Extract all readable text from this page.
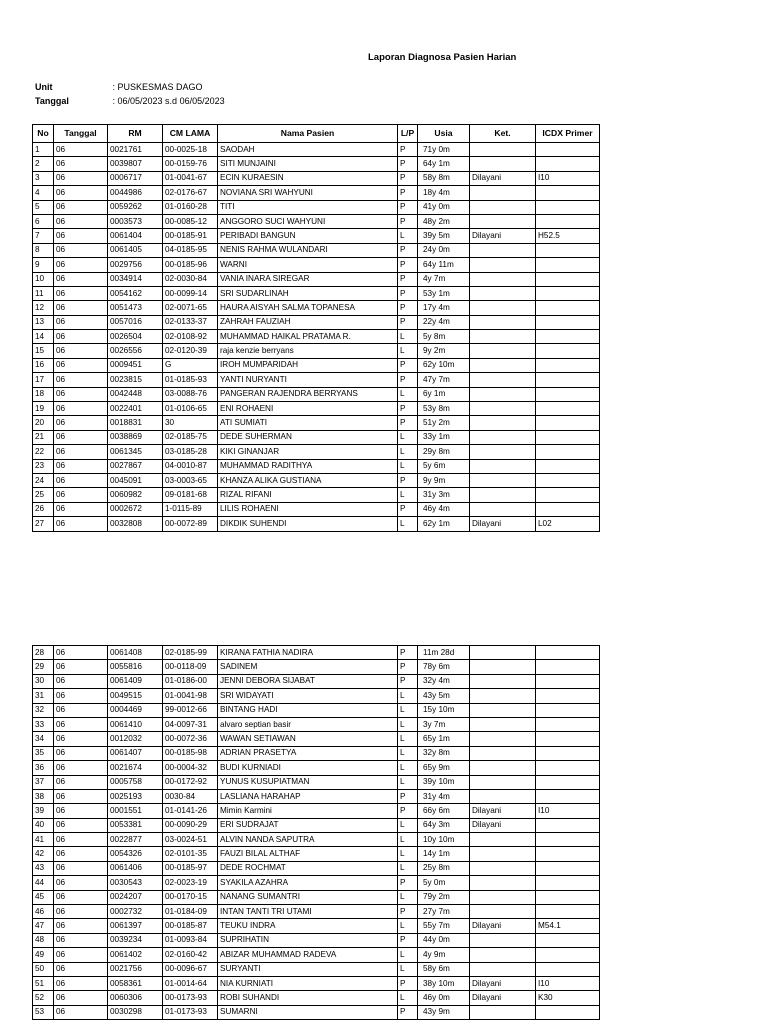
Laporan Diagnosa Pasien Harian
Unit	: PUSKESMAS DAGO
Tanggal	: 06/05/2023 s.d 06/05/2023
No	Tanggal	RM	CM LAMA	Nama Pasien	L/P	Usia	Ket.	ICDX Primer
1	06	0021761	00-0025-18	SAODAH	P	71y 0m		
2	06	0039807	00-0159-76	SITI MUNJAINI	P	64y 1m		
3	06	0006717	01-0041-67	ECIN KURAESIN	P	58y 8m	Dilayani	I10
4	06	0044986	02-0176-67	NOVIANA SRI WAHYUNI	P	18y 4m		
5	06	0059262	01-0160-28	TITI	P	41y 0m		
6	06	0003573	00-0085-12	ANGGORO SUCI WAHYUNI	P	48y 2m		
7	06	0061404	00-0185-91	PERIBADI BANGUN	L	39y 5m	Dilayani	H52.5
8	06	0061405	04-0185-95	NENIS RAHMA WULANDARI	P	24y 0m		
9	06	0029756	00-0185-96	WARNI	P	64y 11m		
10	06	0034914	02-0030-84	VANIA INARA SIREGAR	P	4y 7m		
11	06	0054162	00-0099-14	SRI SUDARLINAH	P	53y 1m		
12	06	0051473	02-0071-65	HAURA AISYAH SALMA TOPANESA	P	17y 4m		
13	06	0057016	02-0133-37	ZAHRAH FAUZIAH	P	22y 4m		
14	06	0026504	02-0108-92	MUHAMMAD HAIKAL PRATAMA R.	L	5y 8m		
15	06	0026556	02-0120-39	raja kenzie berryans	L	9y 2m		
16	06	0009451	G	IROH MUMPARIDAH	P	62y 10m		
17	06	0023815	01-0185-93	YANTI NURYANTI	P	47y 7m		
18	06	0042448	03-0088-76	PANGERAN RAJENDRA BERRYANS	L	6y 1m		
19	06	0022401	01-0106-65	ENI ROHAENI	P	53y 8m		
20	06	0018831	30	ATI SUMIATI	P	51y 2m		
21	06	0038869	02-0185-75	DEDE SUHERMAN	L	33y 1m		
22	06	0061345	03-0185-28	KIKI GINANJAR	L	29y 8m		
23	06	0027867	04-0010-87	MUHAMMAD RADITHYA	L	5y 6m		
24	06	0045091	03-0003-65	KHANZA ALIKA GUSTIANA	P	9y 9m		
25	06	0060982	09-0181-68	RIZAL RIFANI	L	31y 3m		
26	06	0002672	1-0115-89	LILIS ROHAENI	P	46y 4m		
27	06	0032808	00-0072-89	DIKDIK SUHENDI	L	62y 1m	Dilayani	L02
28	06	0061408	02-0185-99	KIRANA FATHIA NADIRA	P	11m 28d		
29	06	0055816	00-0118-09	SADINEM	P	78y 6m		
30	06	0061409	01-0186-00	JENNI DEBORA SIJABAT	P	32y 4m		
31	06	0049515	01-0041-98	SRI WIDAYATI	L	43y 5m		
32	06	0004469	99-0012-66	BINTANG HADI	L	15y 10m		
33	06	0061410	04-0097-31	alvaro septian basir	L	3y 7m		
34	06	0012032	00-0072-36	WAWAN SETIAWAN	L	65y 1m		
35	06	0061407	00-0185-98	ADRIAN PRASETYA	L	32y 8m		
36	06	0021674	00-0004-32	BUDI KURNIADI	L	65y 9m		
37	06	0005758	00-0172-92	YUNUS KUSUPIATMAN	L	39y 10m		
38	06	0025193	0030-84	LASLIANA HARAHAP	P	31y 4m		
39	06	0001551	01-0141-26	Mimin Karmini	P	66y 6m	Dilayani	I10
40	06	0053381	00-0090-29	ERI SUDRAJAT	L	64y 3m	Dilayani	
41	06	0022877	03-0024-51	ALVIN NANDA SAPUTRA	L	10y 10m		
42	06	0054326	02-0101-35	FAUZI BILAL ALTHAF	L	14y 1m		
43	06	0061406	00-0185-97	DEDE ROCHMAT	L	25y 8m		
44	06	0030543	02-0023-19	SYAKILA AZAHRA	P	5y 0m		
45	06	0024207	00-0170-15	NANANG SUMANTRI	L	79y 2m		
46	06	0002732	01-0184-09	INTAN TANTI TRI UTAMI	P	27y 7m		
47	06	0061397	00-0185-87	TEUKU INDRA	L	55y 7m	Dilayani	M54.1
48	06	0039234	01-0093-84	SUPRIHATIN	P	44y 0m		
49	06	0061402	02-0160-42	ABIZAR MUHAMMAD RADEVA	L	4y 9m		
50	06	0021756	00-0096-67	SURYANTI	L	58y 6m		
51	06	0058361	01-0014-64	NIA KURNIATI	P	38y 10m	Dilayani	I10
52	06	0060306	00-0173-93	ROBI SUHANDI	L	46y 0m	Dilayani	K30
53	06	0030298	01-0173-93	SUMARNI	P	43y 9m		
